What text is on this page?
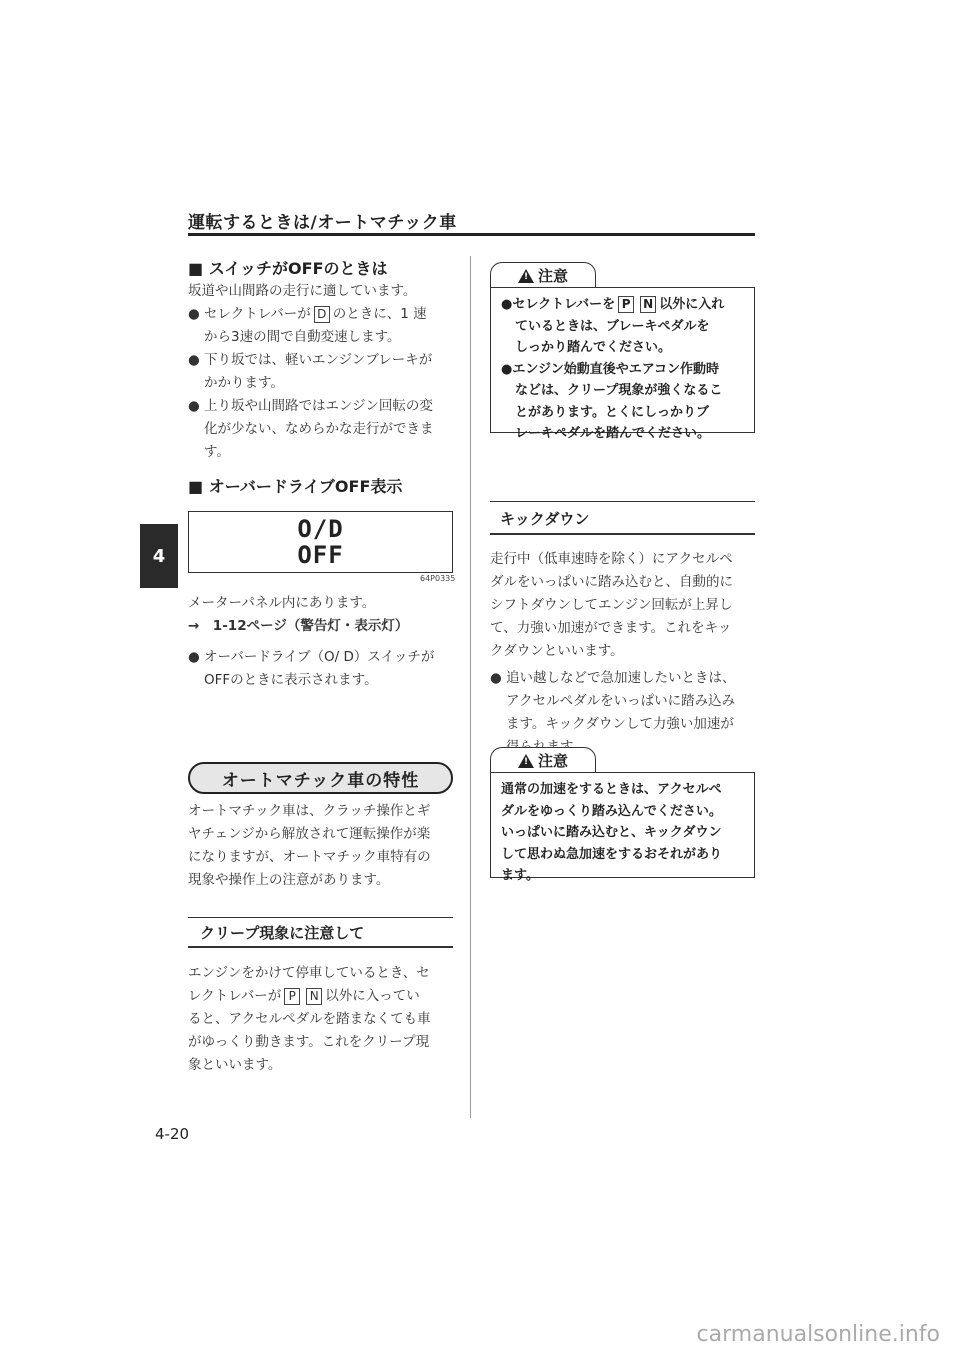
運転するときは/オートマチック車
4
■ スイッチがOFFのときは
坂道や山間路の走行に適しています。
● セレクトレバーが D のときに、1 速
から3速の間で自動変速します。
● 下り坂では、軽いエンジンブレーキが
かかります。
● 上り坂や山間路ではエンジン回転の変
化が少ない、なめらかな走行ができま
す。
■ オーバードライブOFF表示
O/D
OFF
64P0335
メーターパネル内にあります。
→　1-12ページ（警告灯・表示灯）
● オーバードライブ（O/ D）スイッチが
OFFのときに表示されます。
オートマチック車の特性
オートマチック車は、クラッチ操作とギ
ヤチェンジから解放されて運転操作が楽
になりますが、オートマチック車特有の
現象や操作上の注意があります。
クリープ現象に注意して
エンジンをかけて停車しているとき、セ
レクトレバーが P N 以外に入ってい
ると、アクセルペダルを踏まなくても車
がゆっくり動きます。これをクリープ現
象といいます。
! 注意
●セレクトレバーを P N 以外に入れ
ているときは、ブレーキペダルを
しっかり踏んでください。
●エンジン始動直後やエアコン作動時
などは、クリープ現象が強くなるこ
とがあります。とくにしっかりブ
レーキペダルを踏んでください。
キックダウン
走行中（低車速時を除く）にアクセルペ
ダルをいっぱいに踏み込むと、自動的に
シフトダウンしてエンジン回転が上昇し
て、力強い加速ができます。これをキッ
クダウンといいます。
● 追い越しなどで急加速したいときは、
アクセルペダルをいっぱいに踏み込み
ます。キックダウンして力強い加速が

! 注意
通常の加速をするときは、アクセルペ
ダルをゆっくり踏み込んでください。
いっぱいに踏み込むと、キックダウン
して思わぬ急加速をするおそれがあり
ます。
4-20
carmanualsonline.info
